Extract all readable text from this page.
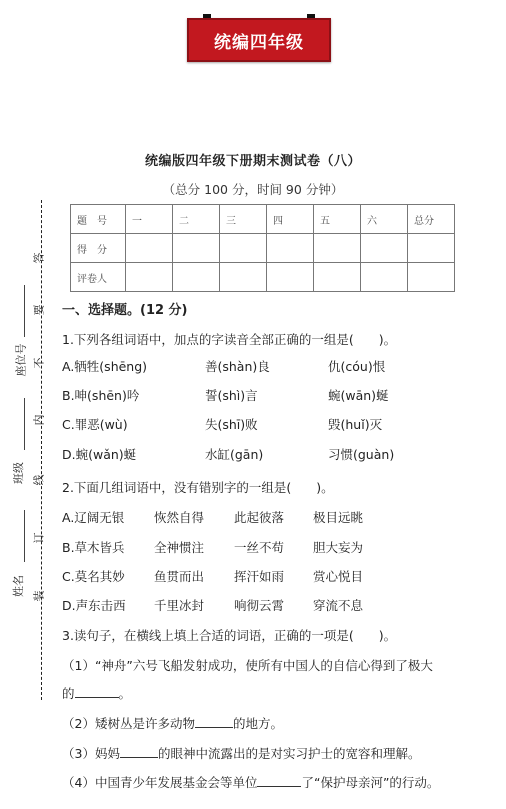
统编四年级
统编版四年级下册期末测试卷（八）
（总分 100 分，时间 90 分钟）
题　号	一	二	三	四	五	六	总分
得　分							
评卷人							
答
要
不
内
线
订
装
座位号
班级
姓名
一、选择题。(12 分)
1.下列各组词语中，加点的字读音全部正确的一组是(　　)。
A.牺牲(shēng)	善(shàn)良	仇(cóu)恨
B.呻(shēn)吟	誓(shì)言	蜿(wān)蜒
C.罪恶(wù)	失(shī)败	毁(huǐ)灭
D.蜿(wǎn)蜒	水缸(gān)	习惯(guàn)
2.下面几组词语中，没有错别字的一组是(　　)。
A.辽阔无银 恢然自得 此起彼落 极目远眺
B.草木皆兵 全神惯注 一丝不苟 胆大妄为
C.莫名其妙 鱼贯而出 挥汗如雨 赏心悦目
D.声东击西 千里冰封 响彻云霄 穿流不息
3.读句子，在横线上填上合适的词语，正确的一项是(　　)。
（1）“神舟”六号飞船发射成功，使所有中国人的自信心得到了极大
的	。
（2）矮树丛是许多动物	的地方。
（3）妈妈	的眼神中流露出的是对实习护士的宽容和理解。
（4）中国青少年发展基金会等单位	了“保护母亲河”的行动。
